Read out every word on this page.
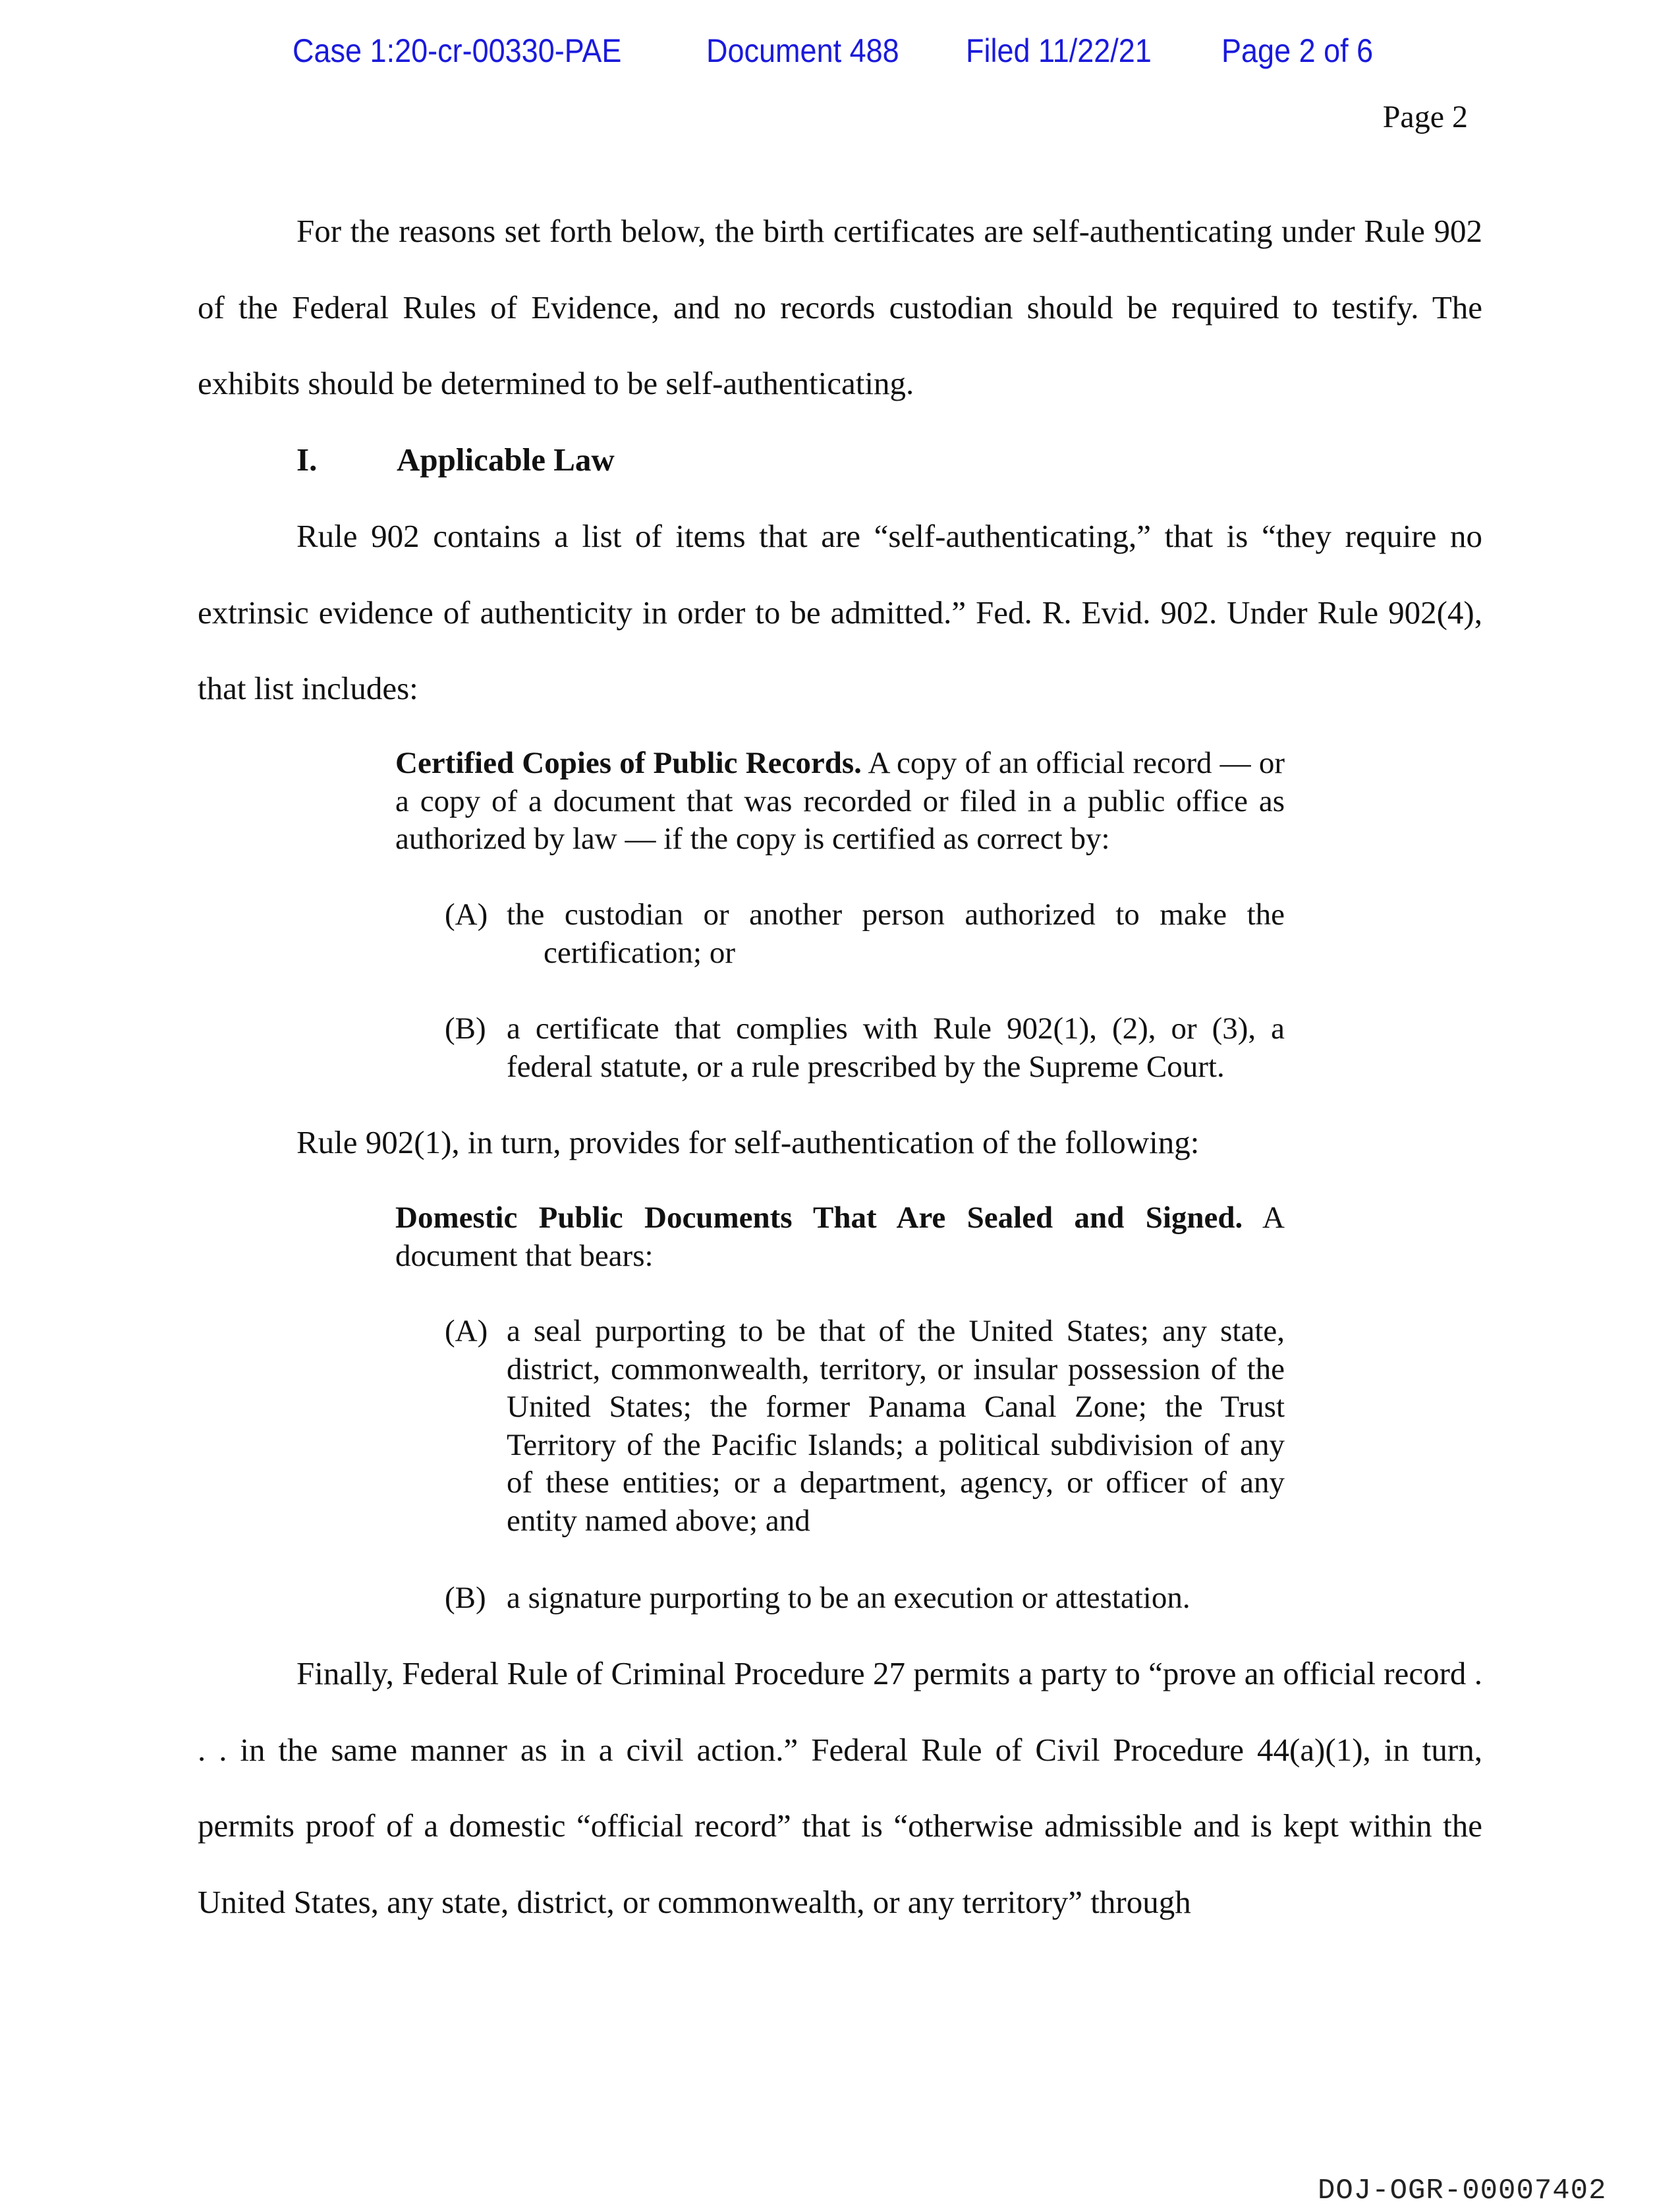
Case 1:20-cr-00330-PAE	Document 488 Filed 11/22/21 Page 2 of 6
Page 2
For the reasons set forth below, the birth certificates are self-authenticating under Rule 902 of the Federal Rules of Evidence, and no records custodian should be required to testify. The exhibits should be determined to be self-authenticating.
I. Applicable Law
Rule 902 contains a list of items that are “self-authenticating,” that is “they require no extrinsic evidence of authenticity in order to be admitted.” Fed. R. Evid. 902. Under Rule 902(4), that list includes:
Certified Copies of Public Records. A copy of an official record — or a copy of a document that was recorded or filed in a public office as authorized by law — if the copy is certified as correct by:
(A) the custodian or another person authorized to make the certification; or
(B) a certificate that complies with Rule 902(1), (2), or (3), a federal statute, or a rule prescribed by the Supreme Court.
Rule 902(1), in turn, provides for self-authentication of the following:
Domestic Public Documents That Are Sealed and Signed. A document that bears:
(A) a seal purporting to be that of the United States; any state, district, commonwealth, territory, or insular possession of the United States; the former Panama Canal Zone; the Trust Territory of the Pacific Islands; a political subdivision of any of these entities; or a department, agency, or officer of any entity named above; and
(B) a signature purporting to be an execution or attestation.
Finally, Federal Rule of Criminal Procedure 27 permits a party to “prove an official record . . . in the same manner as in a civil action.” Federal Rule of Civil Procedure 44(a)(1), in turn, permits proof of a domestic “official record” that is “otherwise admissible and is kept within the United States, any state, district, or commonwealth, or any territory” through
DOJ-OGR-00007402
